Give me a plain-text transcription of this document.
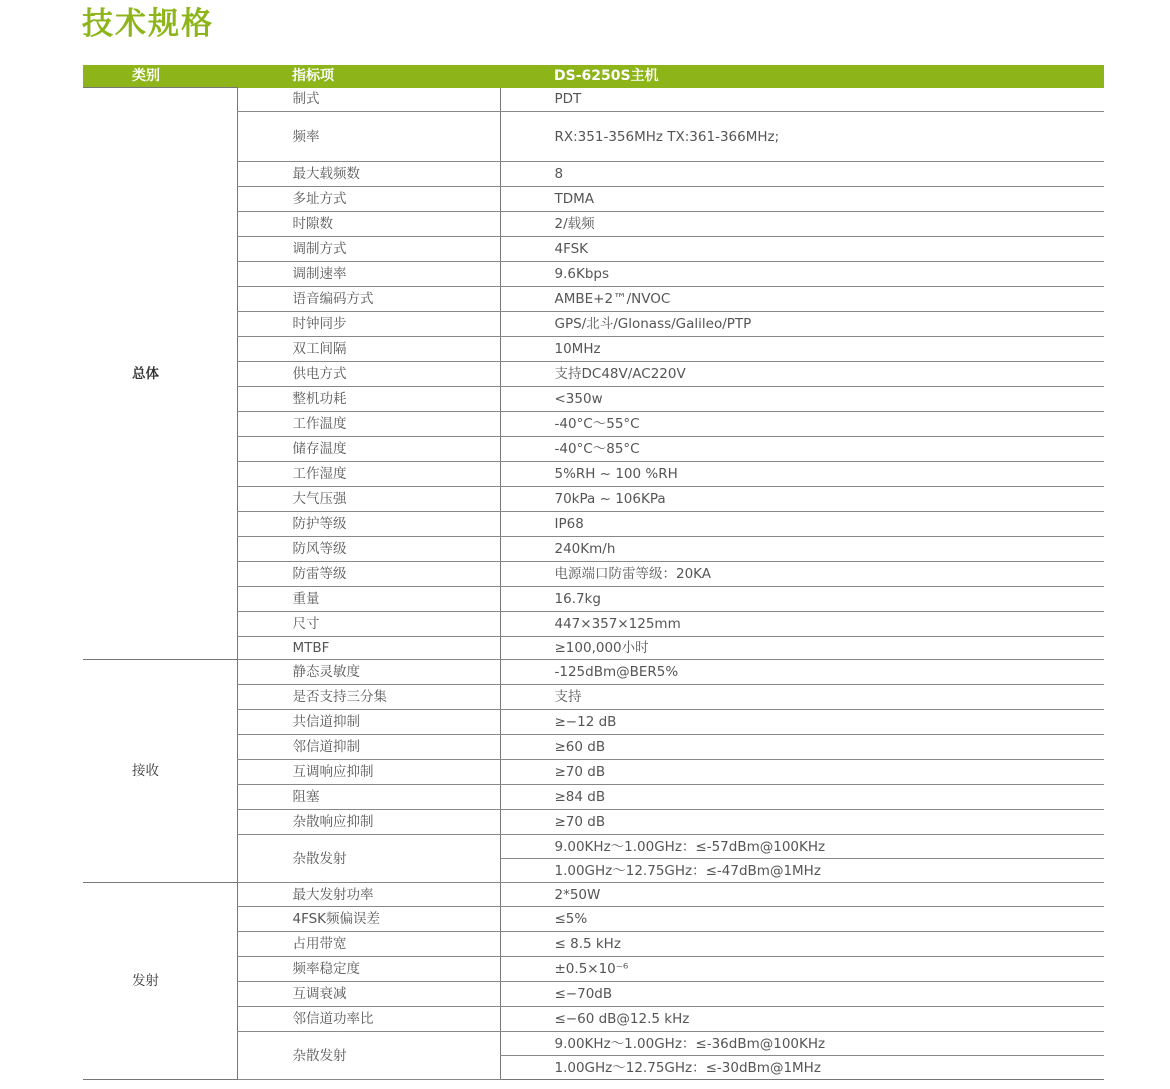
技术规格
类别	指标项	DS-6250S主机
总体	制式	PDT
	频率	RX:351-356MHz TX:361-366MHz;
	最大载频数	8
	多址方式	TDMA
	时隙数	2/载频
	调制方式	4FSK
	调制速率	9.6Kbps
	语音编码方式	AMBE+2™/NVOC
	时钟同步	GPS/北斗/Glonass/Galileo/PTP
	双工间隔	10MHz
	供电方式	支持DC48V/AC220V
	整机功耗	<350w
	工作温度	-40°C～55°C
	储存温度	-40°C～85°C
	工作湿度	5%RH ~ 100 %RH
	大气压强	70kPa ~ 106KPa
	防护等级	IP68
	防风等级	240Km/h
	防雷等级	电源端口防雷等级：20KA
	重量	16.7kg
	尺寸	447×357×125mm
	MTBF	≥100,000小时
接收	静态灵敏度	-125dBm@BER5%
	是否支持三分集	支持
	共信道抑制	≥−12 dB
	邻信道抑制	≥60 dB
	互调响应抑制	≥70 dB
	阻塞	≥84 dB
	杂散响应抑制	≥70 dB
	杂散发射	9.00KHz～1.00GHz：≤-57dBm@100KHz
		1.00GHz～12.75GHz：≤-47dBm@1MHz
发射	最大发射功率	2*50W
	4FSK频偏误差	≤5%
	占用带宽	≤ 8.5 kHz
	频率稳定度	±0.5×10⁻⁶
	互调衰减	≤−70dB
	邻信道功率比	≤−60 dB@12.5 kHz
	杂散发射	9.00KHz～1.00GHz：≤-36dBm@100KHz
		1.00GHz～12.75GHz：≤-30dBm@1MHz
